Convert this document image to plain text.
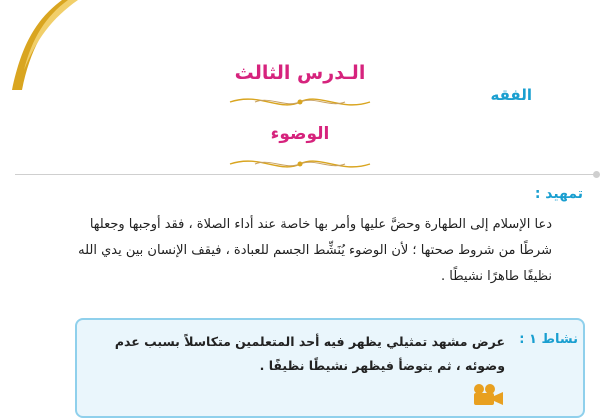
الفقه
الـدرس الثالث
الوضوء
تمهيد :

دعا الإسلام إلى الطهارة وحضَّ عليها وأمر بها خاصة عند أداء الصلاة ، فقد أوجبها وجعلها

شرطًا من شروط صحتها ؛ لأن الوضوء يُنَشِّط الجسم للعبادة ، فيقف الإنسان بين يدي الله

نظيفًا طاهرًا نشيطًا .

نشاط ١ :

عرض مشهد تمثيلي يظهر فيه أحد المتعلمين متكاسلاً بسبب عدم

وضوئه ، ثم يتوضأ فيظهر نشيطًا نظيفًا .
